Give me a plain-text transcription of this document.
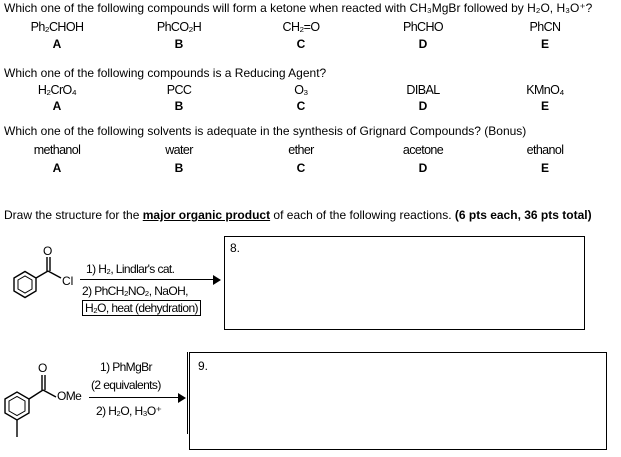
Which one of the following compounds will form a ketone when reacted with CH₃MgBr followed by H₂O, H₃O⁺?
Ph₂CHOH
A
PhCO₂H
B
CH₂=O
C
PhCHO
D
PhCN
E
Which one of the following compounds is a Reducing Agent?
H₂CrO₄
A
PCC
B
O₃
C
DIBAL
D
KMnO₄
E
Which one of the following solvents is adequate in the synthesis of Grignard Compounds? (Bonus)
methanol
A
water
B
ether
C
acetone
D
ethanol
E
Draw the structure for the major organic product of each of the following reactions. (6 pts each, 36 pts total)
O
Cl
1) H₂, Lindlar's cat.
2) PhCH₂NO₂, NaOH,
H₂O, heat (dehydration)
8.
O
OMe
1) PhMgBr
(2 equivalents)
2) H₂O, H₃O⁺
9.
